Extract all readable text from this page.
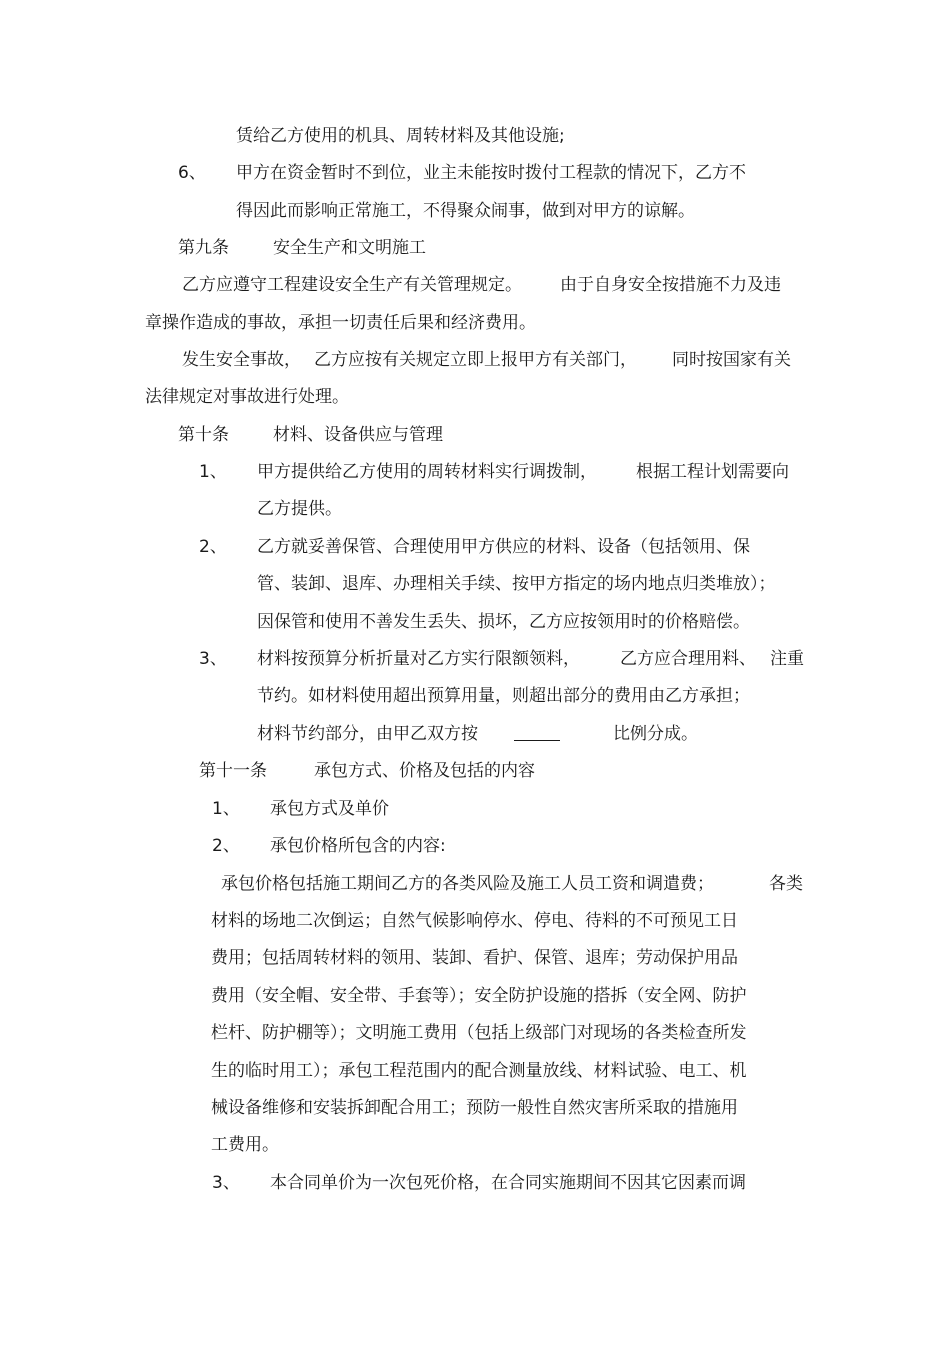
赁给乙方使用的机具、周转材料及其他设施;
6、 甲方在资金暂时不到位，业主未能按时拨付工程款的情况下，乙方不
得因此而影响正常施工，不得聚众闹事，做到对甲方的谅解。
第九条	安全生产和文明施工
乙方应遵守工程建设安全生产有关管理规定。 由于自身安全按措施不力及违
章操作造成的事故，承担一切责任后果和经济费用。
发生安全事故， 乙方应按有关规定立即上报甲方有关部门， 同时按国家有关
法律规定对事故进行处理。
第十条	材料、设备供应与管理
1、 甲方提供给乙方使用的周转材料实行调拨制， 根据工程计划需要向
乙方提供。
2、 乙方就妥善保管、合理使用甲方供应的材料、设备（包括领用、保
管、装卸、退库、办理相关手续、按甲方指定的场内地点归类堆放）；
因保管和使用不善发生丢失、损坏，乙方应按领用时的价格赔偿。
3、 材料按预算分析折量对乙方实行限额领料， 乙方应合理用料、 注重
节约。如材料使用超出预算用量，则超出部分的费用由乙方承担；
材料节约部分，由甲乙双方按	比例分成。
第十一条	承包方式、价格及包括的内容
1、 承包方式及单价
2、 承包价格所包含的内容:
承包价格包括施工期间乙方的各类风险及施工人员工资和调遣费；	各类
材料的场地二次倒运；自然气候影响停水、停电、待料的不可预见工日
费用；包括周转材料的领用、装卸、看护、保管、退库；劳动保护用品
费用（安全帽、安全带、手套等）；安全防护设施的搭拆（安全网、防护
栏杆、防护棚等）；文明施工费用（包括上级部门对现场的各类检查所发
生的临时用工）；承包工程范围内的配合测量放线、材料试验、电工、机
械设备维修和安装拆卸配合用工；预防一般性自然灾害所采取的措施用
工费用。
3、 本合同单价为一次包死价格，在合同实施期间不因其它因素而调
